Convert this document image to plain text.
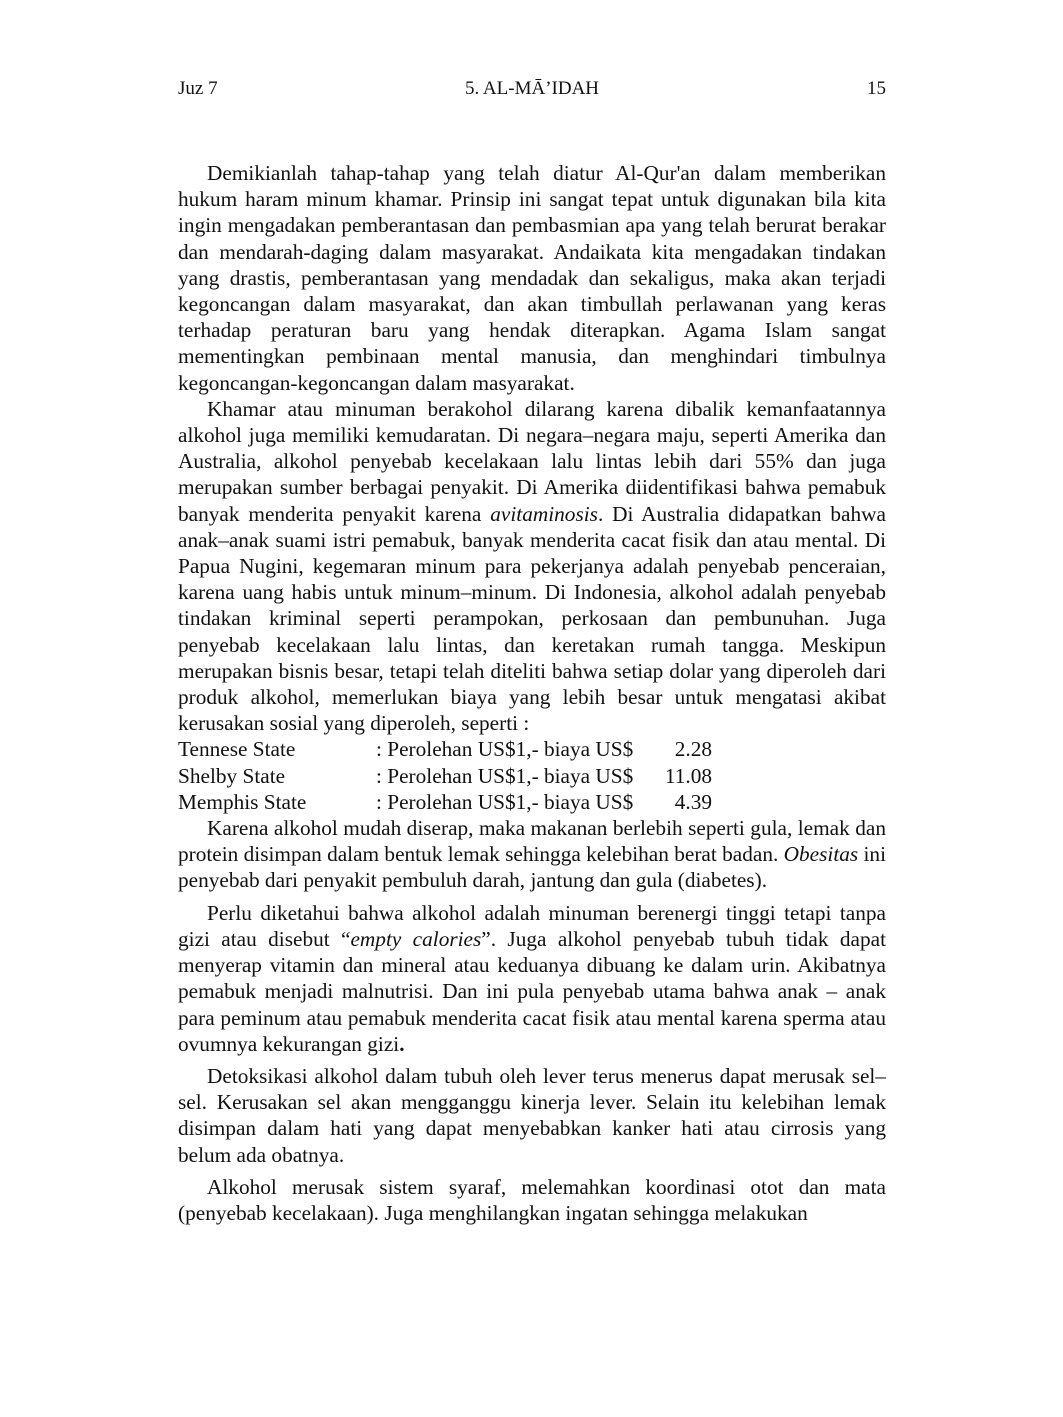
Juz 7	5. AL-MĀ’IDAH	15

Demikianlah tahap-tahap yang telah diatur Al-Qur'an dalam memberikan hukum haram minum khamar. Prinsip ini sangat tepat untuk digunakan bila kita ingin mengadakan pemberantasan dan pembasmian apa yang telah berurat berakar dan mendarah-daging dalam masyarakat. Andaikata kita mengadakan tindakan yang drastis, pemberantasan yang mendadak dan sekaligus, maka akan terjadi kegoncangan dalam masyarakat, dan akan timbullah perlawanan yang keras terhadap peraturan baru yang hendak diterapkan. Agama Islam sangat mementingkan pembinaan mental manusia, dan menghindari timbulnya kegoncangan-kegoncangan dalam masyarakat.

Khamar atau minuman berakohol dilarang karena dibalik kemanfaatannya alkohol juga memiliki kemudaratan. Di negara–negara maju, seperti Amerika dan Australia, alkohol penyebab kecelakaan lalu lintas lebih dari 55% dan juga merupakan sumber berbagai penyakit. Di Amerika diidentifikasi bahwa pemabuk banyak menderita penyakit karena avitaminosis. Di Australia didapatkan bahwa anak–anak suami istri pemabuk, banyak menderita cacat fisik dan atau mental. Di Papua Nugini, kegemaran minum para pekerjanya adalah penyebab penceraian, karena uang habis untuk minum–minum. Di Indonesia, alkohol adalah penyebab tindakan kriminal seperti perampokan, perkosaan dan pembunuhan. Juga penyebab kecelakaan lalu lintas, dan keretakan rumah tangga. Meskipun merupakan bisnis besar, tetapi telah diteliti bahwa setiap dolar yang diperoleh dari produk alkohol, memerlukan biaya yang lebih besar untuk mengatasi akibat kerusakan sosial yang diperoleh, seperti :

Tennese State	: Perolehan US$1,- biaya US$ 2.28
Shelby State	: Perolehan US$1,- biaya US$ 11.08
Memphis State	: Perolehan US$1,- biaya US$ 4.39

Karena alkohol mudah diserap, maka makanan berlebih seperti gula, lemak dan protein disimpan dalam bentuk lemak sehingga kelebihan berat badan. Obesitas ini penyebab dari penyakit pembuluh darah, jantung dan gula (diabetes).

Perlu diketahui bahwa alkohol adalah minuman berenergi tinggi tetapi tanpa gizi atau disebut “empty calories”. Juga alkohol penyebab tubuh tidak dapat menyerap vitamin dan mineral atau keduanya dibuang ke dalam urin. Akibatnya pemabuk menjadi malnutrisi. Dan ini pula penyebab utama bahwa anak – anak para peminum atau pemabuk menderita cacat fisik atau mental karena sperma atau ovumnya kekurangan gizi.

Detoksikasi alkohol dalam tubuh oleh lever terus menerus dapat merusak sel–sel. Kerusakan sel akan mengganggu kinerja lever. Selain itu kelebihan lemak disimpan dalam hati yang dapat menyebabkan kanker hati atau cirrosis yang belum ada obatnya.

Alkohol merusak sistem syaraf, melemahkan koordinasi otot dan mata (penyebab kecelakaan). Juga menghilangkan ingatan sehingga melakukan
